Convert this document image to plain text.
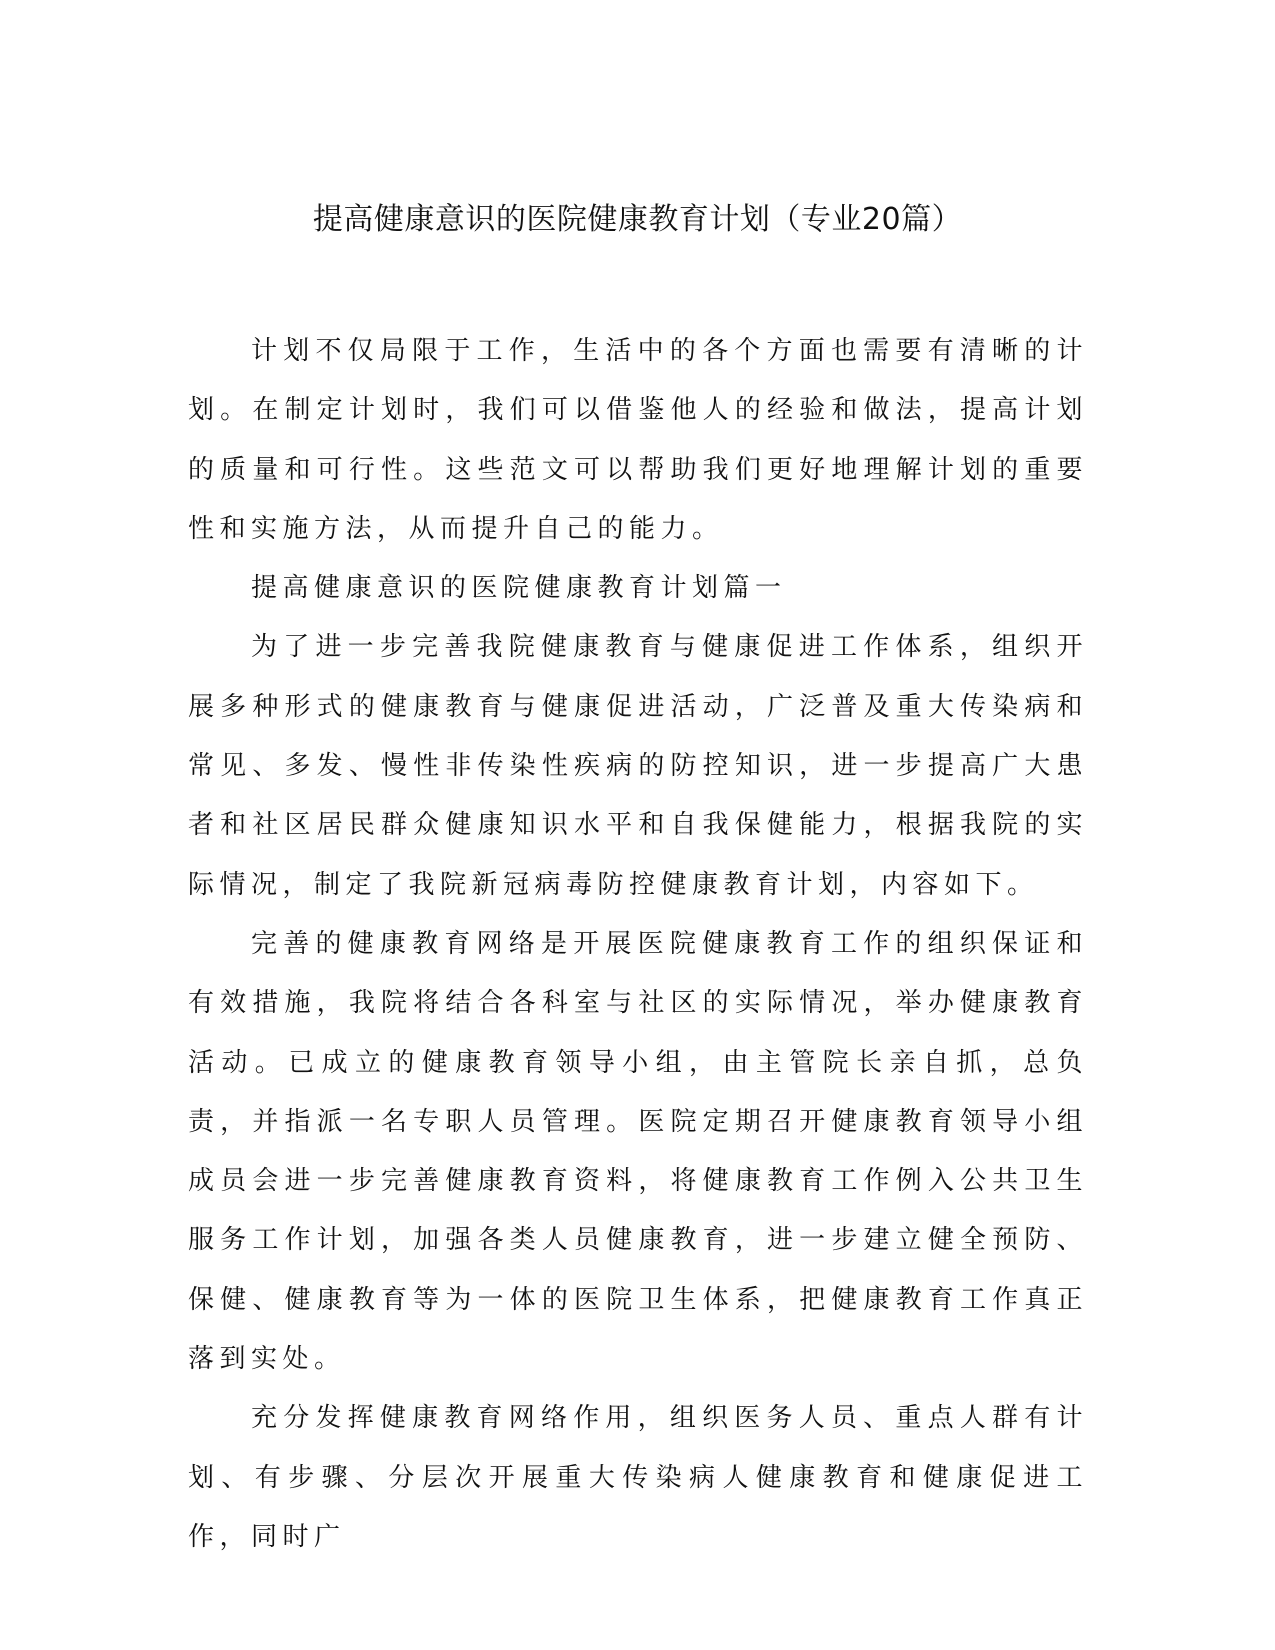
提高健康意识的医院健康教育计划（专业20篇）

计划不仅局限于工作，生活中的各个方面也需要有清晰的计划。在制定计划时，我们可以借鉴他人的经验和做法，提高计划的质量和可行性。这些范文可以帮助我们更好地理解计划的重要性和实施方法，从而提升自己的能力。

提高健康意识的医院健康教育计划篇一

为了进一步完善我院健康教育与健康促进工作体系，组织开展多种形式的健康教育与健康促进活动，广泛普及重大传染病和常见、多发、慢性非传染性疾病的防控知识，进一步提高广大患者和社区居民群众健康知识水平和自我保健能力，根据我院的实际情况，制定了我院新冠病毒防控健康教育计划，内容如下。

完善的健康教育网络是开展医院健康教育工作的组织保证和有效措施，我院将结合各科室与社区的实际情况，举办健康教育活动。已成立的健康教育领导小组，由主管院长亲自抓，总负责，并指派一名专职人员管理。医院定期召开健康教育领导小组成员会进一步完善健康教育资料，将健康教育工作例入公共卫生服务工作计划，加强各类人员健康教育，进一步建立健全预防、保健、健康教育等为一体的医院卫生体系，把健康教育工作真正落到实处。

充分发挥健康教育网络作用，组织医务人员、重点人群有计划、有步骤、分层次开展重大传染病人健康教育和健康促进工作，同时广
